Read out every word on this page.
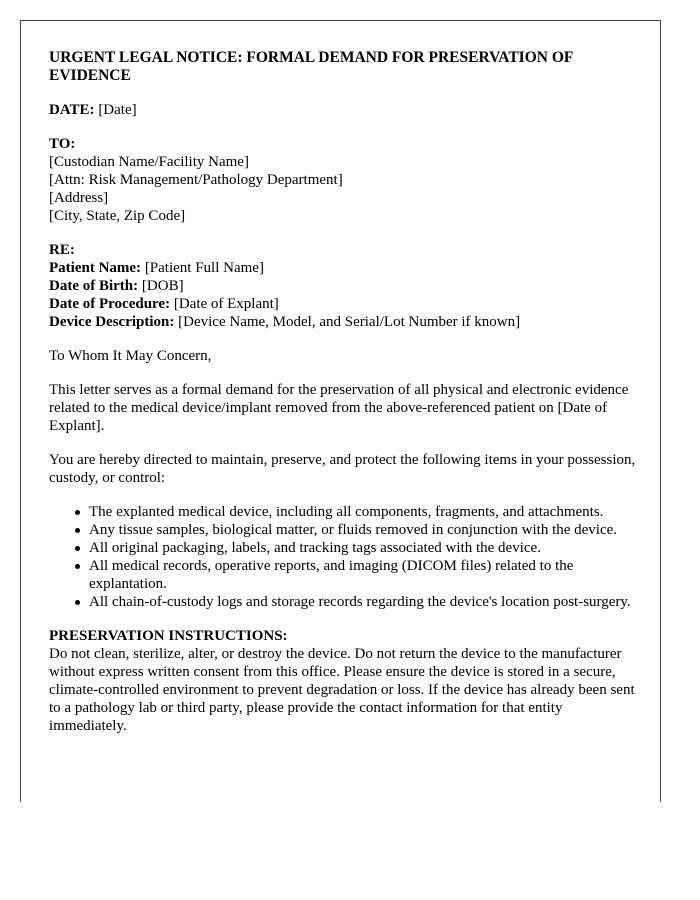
URGENT LEGAL NOTICE: FORMAL DEMAND FOR PRESERVATION OF EVIDENCE
DATE: [Date]
TO:
[Custodian Name/Facility Name]
[Attn: Risk Management/Pathology Department]
[Address]
[City, State, Zip Code]
RE:
Patient Name: [Patient Full Name]
Date of Birth: [DOB]
Date of Procedure: [Date of Explant]
Device Description: [Device Name, Model, and Serial/Lot Number if known]

To Whom It May Concern,

This letter serves as a formal demand for the preservation of all physical and electronic evidence related to the medical device/implant removed from the above-referenced patient on [Date of Explant].

You are hereby directed to maintain, preserve, and protect the following items in your possession, custody, or control:

The explanted medical device, including all components, fragments, and attachments.
Any tissue samples, biological matter, or fluids removed in conjunction with the device.
All original packaging, labels, and tracking tags associated with the device.
All medical records, operative reports, and imaging (DICOM files) related to the explantation.
All chain-of-custody logs and storage records regarding the device's location post-surgery.
PRESERVATION INSTRUCTIONS:
Do not clean, sterilize, alter, or destroy the device. Do not return the device to the manufacturer without express written consent from this office. Please ensure the device is stored in a secure, climate-controlled environment to prevent degradation or loss. If the device has already been sent to a pathology lab or third party, please provide the contact information for that entity immediately.
